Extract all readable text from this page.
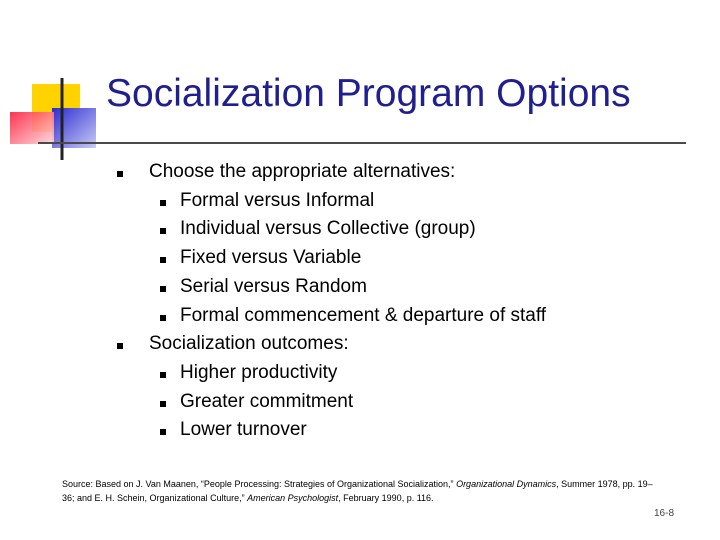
Socialization Program Options
Choose the appropriate alternatives:
Formal versus Informal
Individual versus Collective (group)
Fixed versus Variable
Serial versus Random
Formal commencement & departure of staff
Socialization outcomes:
Higher productivity
Greater commitment
Lower turnover
Source: Based on J. Van Maanen, “People Processing: Strategies of Organizational Socialization,” Organizational Dynamics, Summer 1978, pp. 19– 36; and E. H. Schein, Organizational Culture,” American Psychologist, February 1990, p. 116.
16-8
